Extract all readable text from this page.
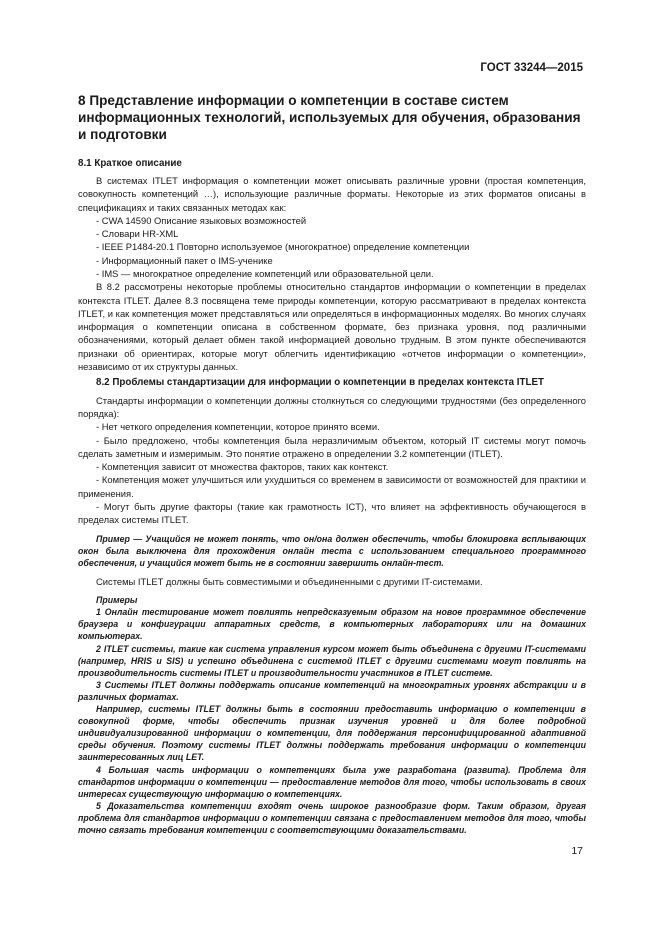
ГОСТ 33244—2015
8 Представление информации о компетенции в составе систем информационных технологий, используемых для обучения, образования и подготовки
8.1 Краткое описание

В системах ITLET информация о компетенции может описывать различные уровни (простая компетенция, совокупность компетенций …), использующие различные форматы. Некоторые из этих форматов описаны в спецификациях и таких связанных методах как:

- CWA 14590 Описание языковых возможностей

- Словари HR-XML

- IEEE P1484-20.1 Повторно используемое (многократное) определение компетенции

- Информационный пакет о IMS-ученике

- IMS — многократное определение компетенций или образовательной цели.

В 8.2 рассмотрены некоторые проблемы относительно стандартов информации о компетенции в пределах контекста ITLET. Далее 8.3 посвящена теме природы компетенции, которую рассматривают в пределах контекста ITLET, и как компетенция может представляться или определяться в информационных моделях. Во многих случаях информация о компетенции описана в собственном формате, без признака уровня, под различными обозначениями, который делает обмен такой информацией довольно трудным. В этом пункте обеспечиваются признаки об ориентирах, которые могут облегчить идентификацию «отчетов информации о компетенции», независимо от их структуры данных.

8.2 Проблемы стандартизации для информации о компетенции в пределах контекста ITLET

Стандарты информации о компетенции должны столкнуться со следующими трудностями (без определенного порядка):

- Нет четкого определения компетенции, которое принято всеми.

- Было предложено, чтобы компетенция была неразличимым объектом, который IT системы могут помочь сделать заметным и измеримым. Это понятие отражено в определении 3.2 компетенции (ITLET).

- Компетенция зависит от множества факторов, таких как контекст.

- Компетенция может улучшиться или ухудшиться со временем в зависимости от возможностей для практики и применения.

- Могут быть другие факторы (такие как грамотность ICT), что влияет на эффективность обучающегося в пределах системы ITLET.

Пример — Учащийся не может понять, что он/она должен обеспечить, чтобы блокировка всплывающих окон была выключена для прохождения онлайн теста с использованием специального программного обеспечения, и учащийся может быть не в состоянии завершить онлайн-тест.

Системы ITLET должны быть совместимыми и объединенными с другими IT-системами.

Примеры

1 Онлайн тестирование может повлиять непредсказуемым образом на новое программное обеспечение браузера и конфигурации аппаратных средств, в компьютерных лабораториях или на домашних компьютерах.

2 ITLET системы, такие как система управления курсом может быть объединена с другими IT-системами (например, HRIS и SIS) и успешно объединена с системой ITLET с другими системами могут повлиять на производительность системы ITLET и производительности участников в ITLET системе.

3 Системы ITLET должны поддержать описание компетенций на многократных уровнях абстракции и в различных форматах.

Например, системы ITLET должны быть в состоянии предоставить информацию о компетенции в совокупной форме, чтобы обеспечить признак изучения уровней и для более подробной индивидуализированной информации о компетенции, для поддержания персонифицированной адаптивной среды обучения. Поэтому системы ITLET должны поддержать требования информации о компетенции заинтересованных лиц LET.

4 Большая часть информации о компетенциях была уже разработана (развита). Проблема для стандартов информации о компетенции — предоставление методов для того, чтобы использовать в своих интересах существующую информацию о компетенциях.

5 Доказательства компетенции входят очень широкое разнообразие форм. Таким образом, другая проблема для стандартов информации о компетенции связана с предоставлением методов для того, чтобы точно связать требования компетенции с соответствующими доказательствами.

17
